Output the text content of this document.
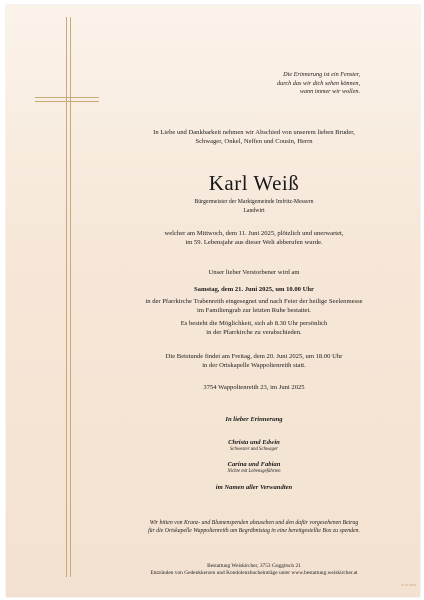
Die Erinnerung ist ein Fenster,
durch das wir dich sehen können,
wann immer wir wollen.
In Liebe und Dankbarkeit nehmen wir Abschied von unserem lieben Bruder,
Schwager, Onkel, Neffen und Cousin, Herrn
Karl Weiß
Bürgermeister der Marktgemeinde Imfritz-Messern
Landwirt
welcher am Mittwoch, dem 11. Juni 2025, plötzlich und unerwartet,
im 59. Lebensjahr aus dieser Welt abberufen wurde.
Unser lieber Verstorbener wird am
Samstag, dem 21. Juni 2025, um 10.00 Uhr
in der Pfarrkirche Trabenreith eingesegnet und nach Feier der heilige Seelenmesse
im Familiengrab zur letzten Ruhe bestattet.
Es besteht die Möglichkeit, sich ab 8.30 Uhr persönlich
in der Pfarrkirche zu verabschieden.
Die Betstunde findet am Freitag, dem 20. Juni 2025, um 18.00 Uhr
in der Ortskapelle Wappoltenreith statt.
3754 Wappoltenreith 23, im Juni 2025
In lieber Erinnerung
Christa und Edwin
Schwester und Schwager
Carina und Fabian
Nichte mit Lebensgefährten
im Namen aller Verwandten
Wir bitten von Kranz- und Blumenspenden abzusehen und den dafür vorgesehenen Betrag
für die Ortskapelle Wappoltenreith am Begräbnistag in eine bereitgestellte Box zu spenden.
Bestattung Weiskircher, 3753 Goggitsch 21
Entzünden von Gedenkkerzen und Kondolenzbucheinträge unter www.bestattung.weiskircher.at
B 2P 0028
